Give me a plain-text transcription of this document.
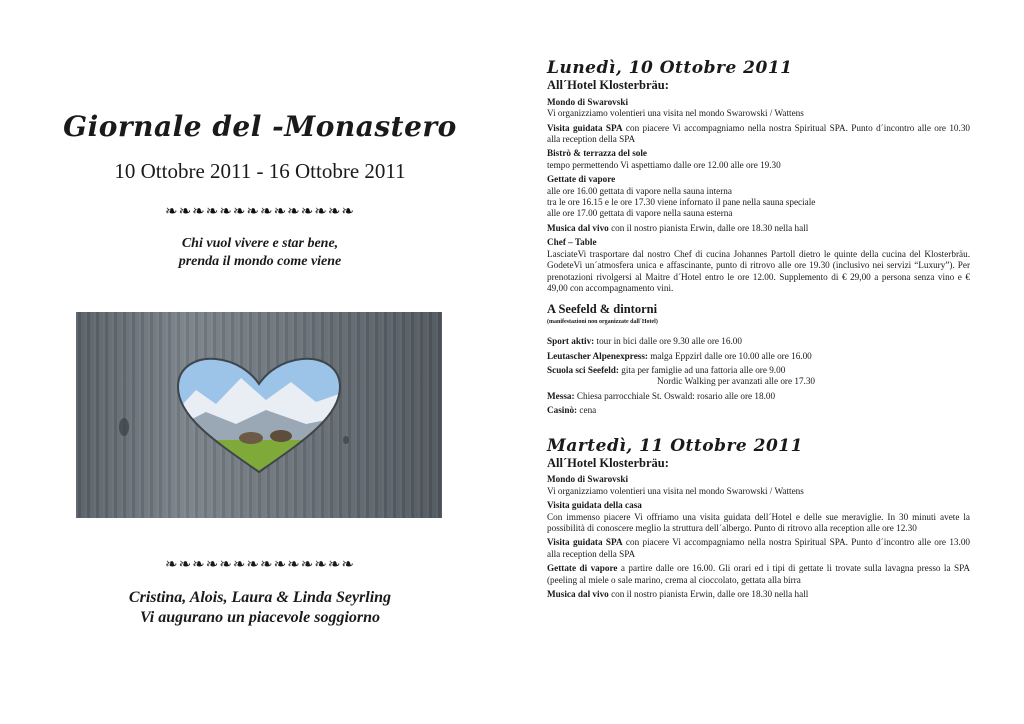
Giornale del -Monastero
10 Ottobre 2011 - 16 Ottobre 2011
❧❧❧❧❧❧❧❧❧❧❧❧❧❧
Chi vuol vivere e star bene,
prenda il mondo come viene
❧❧❧❧❧❧❧❧❧❧❧❧❧❧
Cristina, Alois, Laura & Linda Seyrling
Vi augurano un piacevole soggiorno
Lunedì, 10 Ottobre 2011
All´Hotel Klosterbräu:
Mondo di Swarovski
Vi organizziamo volentieri una visita nel mondo Swarowski / Wattens
Visita guidata SPA con piacere Vi accompagniamo nella nostra Spiritual SPA. Punto d´incontro alle ore 10.30 alla reception della SPA
Bistrò & terrazza del sole
tempo permettendo Vi aspettiamo dalle ore 12.00 alle ore 19.30
Gettate di vapore
alle ore 16.00 gettata di vapore nella sauna interna
tra le ore 16.15 e le ore 17.30 viene infornato il pane nella sauna speciale
alle ore 17.00 gettata di vapore nella sauna esterna
Musica dal vivo con il nostro pianista Erwin, dalle ore 18.30 nella hall
Chef – Table
LasciateVi trasportare dal nostro Chef di cucina Johannes Partoll dietro le quinte della cucina del Klosterbräu. GodeteVi un´atmosfera unica e affascinante, punto di ritrovo alle ore 19.30 (inclusivo nei servizi “Luxury”). Per prenotazioni rivolgersi al Maitre d´Hotel entro le ore 12.00. Supplemento di € 29,00 a persona senza vino e € 49,00 con accompagnamento vini.
A Seefeld & dintorni
(manifestazioni non organizzate dall´Hotel)
Sport aktiv: tour in bici dalle ore 9.30 alle ore 16.00
Leutascher Alpenexpress: malga Eppzirl dalle ore 10.00 alle ore 16.00
Scuola sci Seefeld: gita per famiglie ad una fattoria alle ore 9.00
Nordic Walking per avanzati alle ore 17.30
Messa: Chiesa parrocchiale St. Oswald: rosario alle ore 18.00
Casinò: cena
Martedì, 11 Ottobre 2011
All´Hotel Klosterbräu:
Mondo di Swarovski
Vi organizziamo volentieri una visita nel mondo Swarowski / Wattens
Visita guidata della casa
Con immenso piacere Vi offriamo una visita guidata dell´Hotel e delle sue meraviglie. In 30 minuti avete la possibilità di conoscere meglio la struttura dell´albergo. Punto di ritrovo alla reception alle ore 12.30
Visita guidata SPA con piacere Vi accompagniamo nella nostra Spiritual SPA. Punto d´incontro alle ore 13.00 alla reception della SPA
Gettate di vapore a partire dalle ore 16.00. Gli orari ed i tipi di gettate li trovate sulla lavagna presso la SPA (peeling al miele o sale marino, crema al cioccolato, gettata alla birra
Musica dal vivo con il nostro pianista Erwin, dalle ore 18.30 nella hall
